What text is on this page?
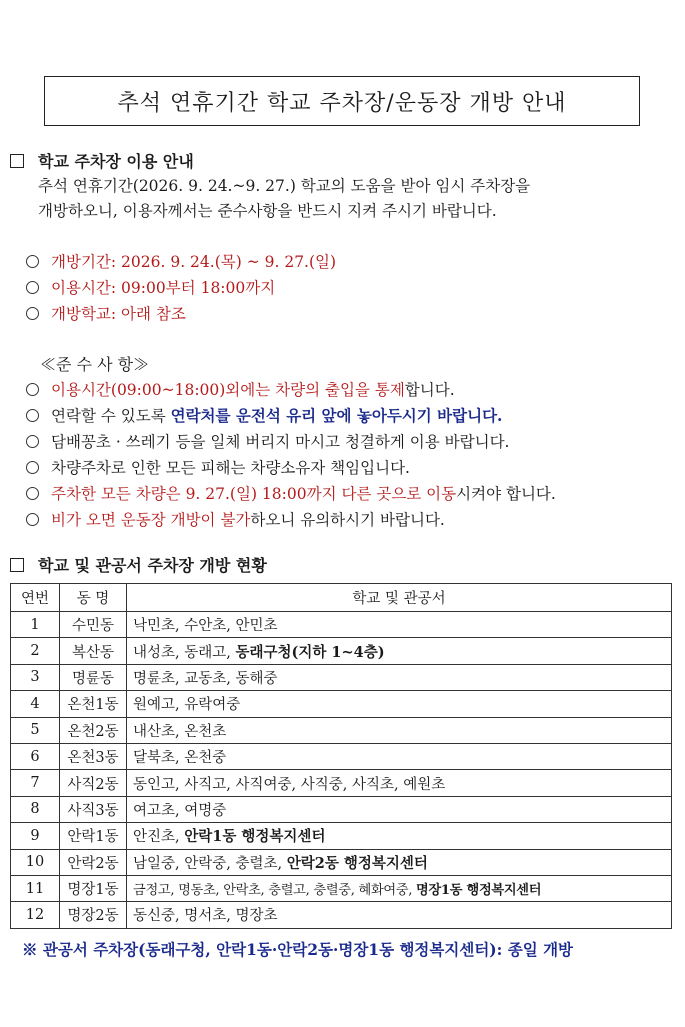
추석 연휴기간 학교 주차장/운동장 개방 안내
학교 주차장 이용 안내
추석 연휴기간(2026. 9. 24.~9. 27.) 학교의 도움을 받아 임시 주차장을
개방하오니, 이용자께서는 준수사항을 반드시 지켜 주시기 바랍니다.
개방기간: 2026. 9. 24.(목) ~ 9. 27.(일)
이용시간: 09:00부터 18:00까지
개방학교: 아래 참조
≪준 수 사 항≫
이용시간(09:00~18:00)외에는 차량의 출입을 통제 합니다.
연락할 수 있도록 연락처를 운전석 유리 앞에 놓아두시기 바랍니다.
담배꽁초 · 쓰레기 등을 일체 버리지 마시고 청결하게 이용 바랍니다.
차량주차로 인한 모든 피해는 차량소유자 책임입니다.
주차한 모든 차량은 9. 27.(일) 18:00까지 다른 곳으로 이동 시켜야 합니다.
비가 오면 운동장 개방이 불가 하오니 유의하시기 바랍니다.
학교 및 관공서 주차장 개방 현황
연번	동 명	학교 및 관공서
1	수민동	낙민초, 수안초, 안민초
2	복산동	내성초, 동래고, 동래구청(지하 1~4층)
3	명륜동	명륜초, 교동초, 동해중
4	온천1동	원예고, 유락여중
5	온천2동	내산초, 온천초
6	온천3동	달북초, 온천중
7	사직2동	동인고, 사직고, 사직여중, 사직중, 사직초, 예원초
8	사직3동	여고초, 여명중
9	안락1동	안진초, 안락1동 행정복지센터
10	안락2동	남일중, 안락중, 충렬초, 안락2동 행정복지센터
11	명장1동	금정고, 명동초, 안락초, 충렬고, 충렬중, 혜화여중, 명장1동 행정복지센터
12	명장2동	동신중, 명서초, 명장초
※ 관공서 주차장(동래구청, 안락1동·안락2동·명장1동 행정복지센터): 종일 개방
